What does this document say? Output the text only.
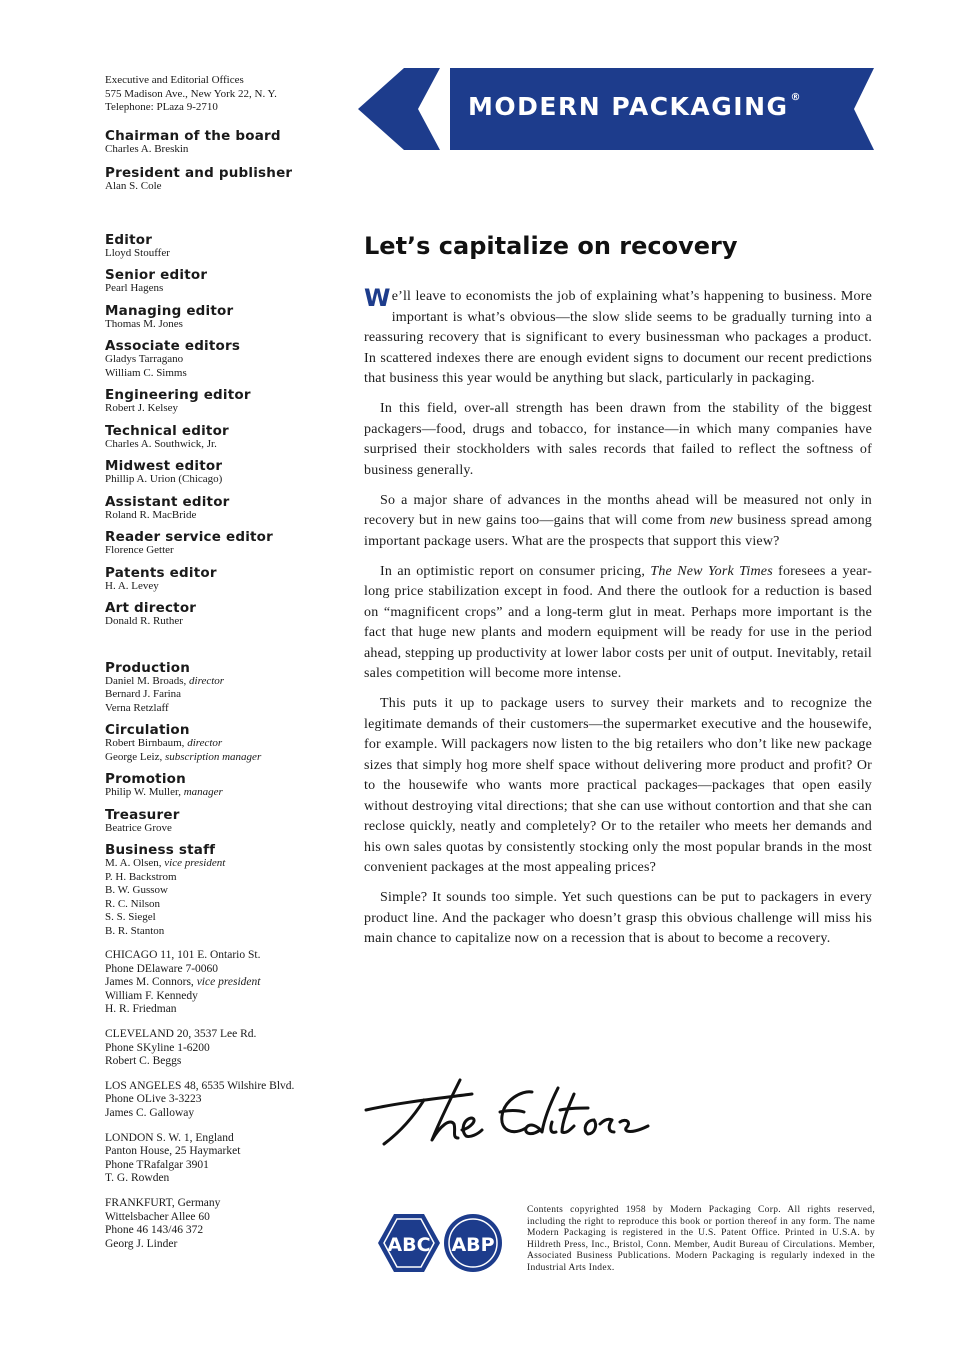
Executive and Editorial Offices
575 Madison Ave., New York 22, N. Y.
Telephone: PLaza 9-2710
Chairman of the board
Charles A. Breskin
President and publisher
Alan S. Cole
Editor
Lloyd Stouffer
Senior editor
Pearl Hagens
Managing editor
Thomas M. Jones
Associate editors
Gladys Tarragano
William C. Simms
Engineering editor
Robert J. Kelsey
Technical editor
Charles A. Southwick, Jr.
Midwest editor
Phillip A. Urion (Chicago)
Assistant editor
Roland R. MacBride
Reader service editor
Florence Getter
Patents editor
H. A. Levey
Art director
Donald R. Ruther
Production
Daniel M. Broads, director
Bernard J. Farina
Verna Retzlaff
Circulation
Robert Birnbaum, director
George Leiz, subscription manager
Promotion
Philip W. Muller, manager
Treasurer
Beatrice Grove
Business staff
M. A. Olsen, vice president
P. H. Backstrom
B. W. Gussow
R. C. Nilson
S. S. Siegel
B. R. Stanton
CHICAGO 11, 101 E. Ontario St.
Phone DElaware 7-0060
James M. Connors, vice president
William F. Kennedy
H. R. Friedman
CLEVELAND 20, 3537 Lee Rd.
Phone SKyline 1-6200
Robert C. Beggs
LOS ANGELES 48, 6535 Wilshire Blvd.
Phone OLive 3-3223
James C. Galloway
LONDON S. W. 1, England
Panton House, 25 Haymarket
Phone TRafalgar 3901
T. G. Rowden
FRANKFURT, Germany
Wittelsbacher Allee 60
Phone 46 143/46 372
Georg J. Linder
MODERN PACKAGING ®
Let’s capitalize on recovery

We’ll leave to economists the job of explaining what’s happening to business. More important is what’s obvious—the slow slide seems to be gradually turning into a reassuring recovery that is significant to every businessman who packages a product. In scattered indexes there are enough evident signs to document our recent predictions that business this year would be anything but slack, particularly in packaging.

In this field, over-all strength has been drawn from the stability of the biggest packagers—food, drugs and tobacco, for instance—in which many companies have surprised their stockholders with sales records that failed to reflect the softness of business generally.

So a major share of advances in the months ahead will be measured not only in recovery but in new gains too—gains that will come from new business spread among important package users. What are the prospects that support this view?

In an optimistic report on consumer pricing, The New York Times foresees a year-long price stabilization except in food. And there the outlook for a reduction is based on “magnificent crops” and a long-term glut in meat. Perhaps more important is the fact that huge new plants and modern equipment will be ready for use in the period ahead, stepping up productivity at lower labor costs per unit of output. Inevitably, retail sales competition will become more intense.

This puts it up to package users to survey their markets and to recognize the legitimate demands of their customers—the supermarket executive and the housewife, for example. Will packagers now listen to the big retailers who don’t like new package sizes that simply hog more shelf space without delivering more product and profit? Or to the housewife who wants more practical packages—packages that open easily without destroying vital directions; that she can use without contortion and that she can reclose quickly, neatly and completely? Or to the retailer who meets her demands and his own sales quotas by consistently stocking only the most popular brands in the most convenient packages at the most appealing prices?

Simple? It sounds too simple. Yet such questions can be put to packagers in every product line. And the packager who doesn’t grasp this obvious challenge will miss his main chance to capitalize now on a recession that is about to become a recovery.

ABC ABP
Contents copyrighted 1958 by Modern Packaging Corp. All rights reserved, including the right to reproduce this book or portion thereof in any form. The name Modern Packaging is registered in the U.S. Patent Office. Printed in U.S.A. by Hildreth Press, Inc., Bristol, Conn. Member, Audit Bureau of Circulations. Member, Associated Business Publications. Modern Packaging is regularly indexed in the Industrial Arts Index.
